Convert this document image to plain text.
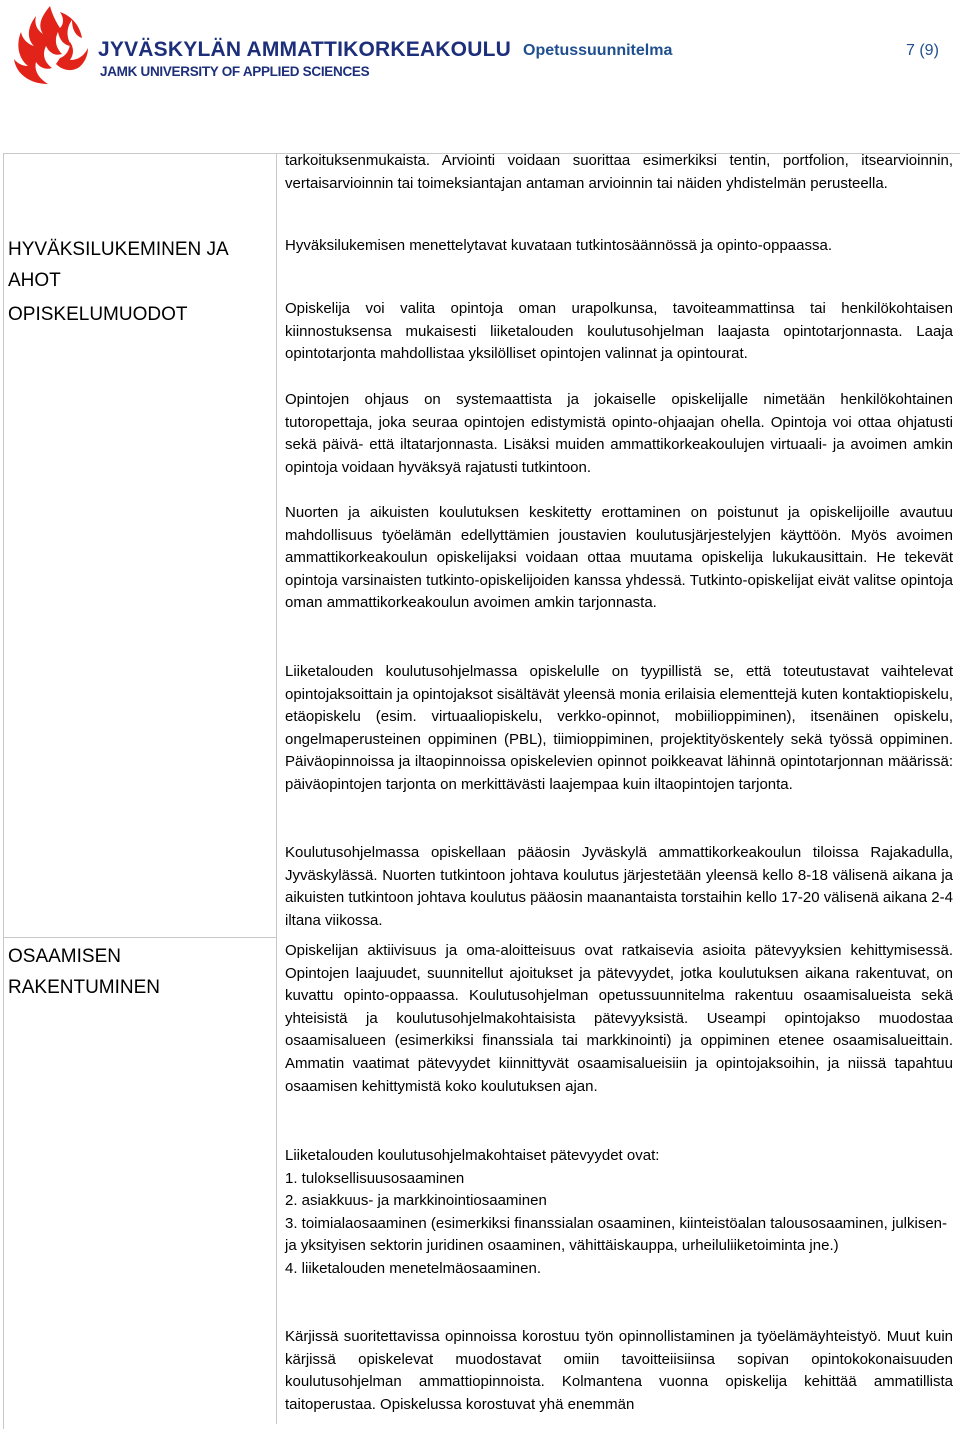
JYVÄSKYLÄN AMMATTIKORKEAKOULU
JAMK UNIVERSITY OF APPLIED SCIENCES
Opetussuunnitelma	7 (9)
HYVÄKSILUKEMINEN JA AHOT
OPISKELUMUODOT
OSAAMISEN RAKENTUMINEN

tarkoituksenmukaista. Arviointi voidaan suorittaa esimerkiksi tentin, portfolion, itsearvioinnin, vertaisarvioinnin tai toimeksiantajan antaman arvioinnin tai näiden yhdistelmän perusteella.

Hyväksilukemisen menettelytavat kuvataan tutkintosäännössä ja opinto-oppaassa.

Opiskelija voi valita opintoja oman urapolkunsa, tavoiteammattinsa tai henkilökohtaisen kiinnostuksensa mukaisesti liiketalouden koulutusohjelman laajasta opintotarjonnasta. Laaja opintotarjonta mahdollistaa yksilölliset opintojen valinnat ja opintourat.

Opintojen ohjaus on systemaattista ja jokaiselle opiskelijalle nimetään henkilökohtainen tutoropettaja, joka seuraa opintojen edistymistä opinto-ohjaajan ohella. Opintoja voi ottaa ohjatusti sekä päivä- että iltatarjonnasta. Lisäksi muiden ammattikorkeakoulujen virtuaali- ja avoimen amkin opintoja voidaan hyväksyä rajatusti tutkintoon.

Nuorten ja aikuisten koulutuksen keskitetty erottaminen on poistunut ja opiskelijoille avautuu mahdollisuus työelämän edellyttämien joustavien koulutusjärjestelyjen käyttöön. Myös avoimen ammattikorkeakoulun opiskelijaksi voidaan ottaa muutama opiskelija lukukausittain. He tekevät opintoja varsinaisten tutkinto-opiskelijoiden kanssa yhdessä. Tutkinto-opiskelijat eivät valitse opintoja oman ammattikorkeakoulun avoimen amkin tarjonnasta.

Liiketalouden koulutusohjelmassa opiskelulle on tyypillistä se, että toteutustavat vaihtelevat opintojaksoittain ja opintojaksot sisältävät yleensä monia erilaisia elementtejä kuten kontaktiopiskelu, etäopiskelu (esim. virtuaaliopiskelu, verkko-opinnot, mobiilioppiminen), itsenäinen opiskelu, ongelmaperusteinen oppiminen (PBL), tiimioppiminen, projektityöskentely sekä työssä oppiminen. Päiväopinnoissa ja iltaopinnoissa opiskelevien opinnot poikkeavat lähinnä opintotarjonnan määrissä: päiväopintojen tarjonta on merkittävästi laajempaa kuin iltaopintojen tarjonta.

Koulutusohjelmassa opiskellaan pääosin Jyväskylä ammattikorkeakoulun tiloissa Rajakadulla, Jyväskylässä. Nuorten tutkintoon johtava koulutus järjestetään yleensä kello 8-18 välisenä aikana ja aikuisten tutkintoon johtava koulutus pääosin maanantaista torstaihin kello 17-20 välisenä aikana 2-4 iltana viikossa.

Opiskelijan aktiivisuus ja oma-aloitteisuus ovat ratkaisevia asioita pätevyyksien kehittymisessä. Opintojen laajuudet, suunnitellut ajoitukset ja pätevyydet, jotka koulutuksen aikana rakentuvat, on kuvattu opinto-oppaassa. Koulutusohjelman opetussuunnitelma rakentuu osaamisalueista sekä yhteisistä ja koulutusohjelmakohtaisista pätevyyksistä. Useampi opintojakso muodostaa osaamisalueen (esimerkiksi finanssiala tai markkinointi) ja oppiminen etenee osaamisalueittain. Ammatin vaatimat pätevyydet kiinnittyvät osaamisalueisiin ja opintojaksoihin, ja niissä tapahtuu osaamisen kehittymistä koko koulutuksen ajan.

Liiketalouden koulutusohjelmakohtaiset pätevyydet ovat:

1. tuloksellisuusosaaminen

2. asiakkuus- ja markkinointiosaaminen

3. toimialaosaaminen (esimerkiksi finanssialan osaaminen, kiinteistöalan talousosaaminen, julkisen- ja yksityisen sektorin juridinen osaaminen, vähittäiskauppa, urheiluliiketoiminta jne.)

4. liiketalouden menetelmäosaaminen.

Kärjissä suoritettavissa opinnoissa korostuu työn opinnollistaminen ja työelämäyhteistyö. Muut kuin kärjissä opiskelevat muodostavat omiin tavoitteiisiinsa sopivan opintokokonaisuuden koulutusohjelman ammattiopinnoista. Kolmantena vuonna opiskelija kehittää ammatillista taitoperustaa. Opiskelussa korostuvat yhä enemmän
